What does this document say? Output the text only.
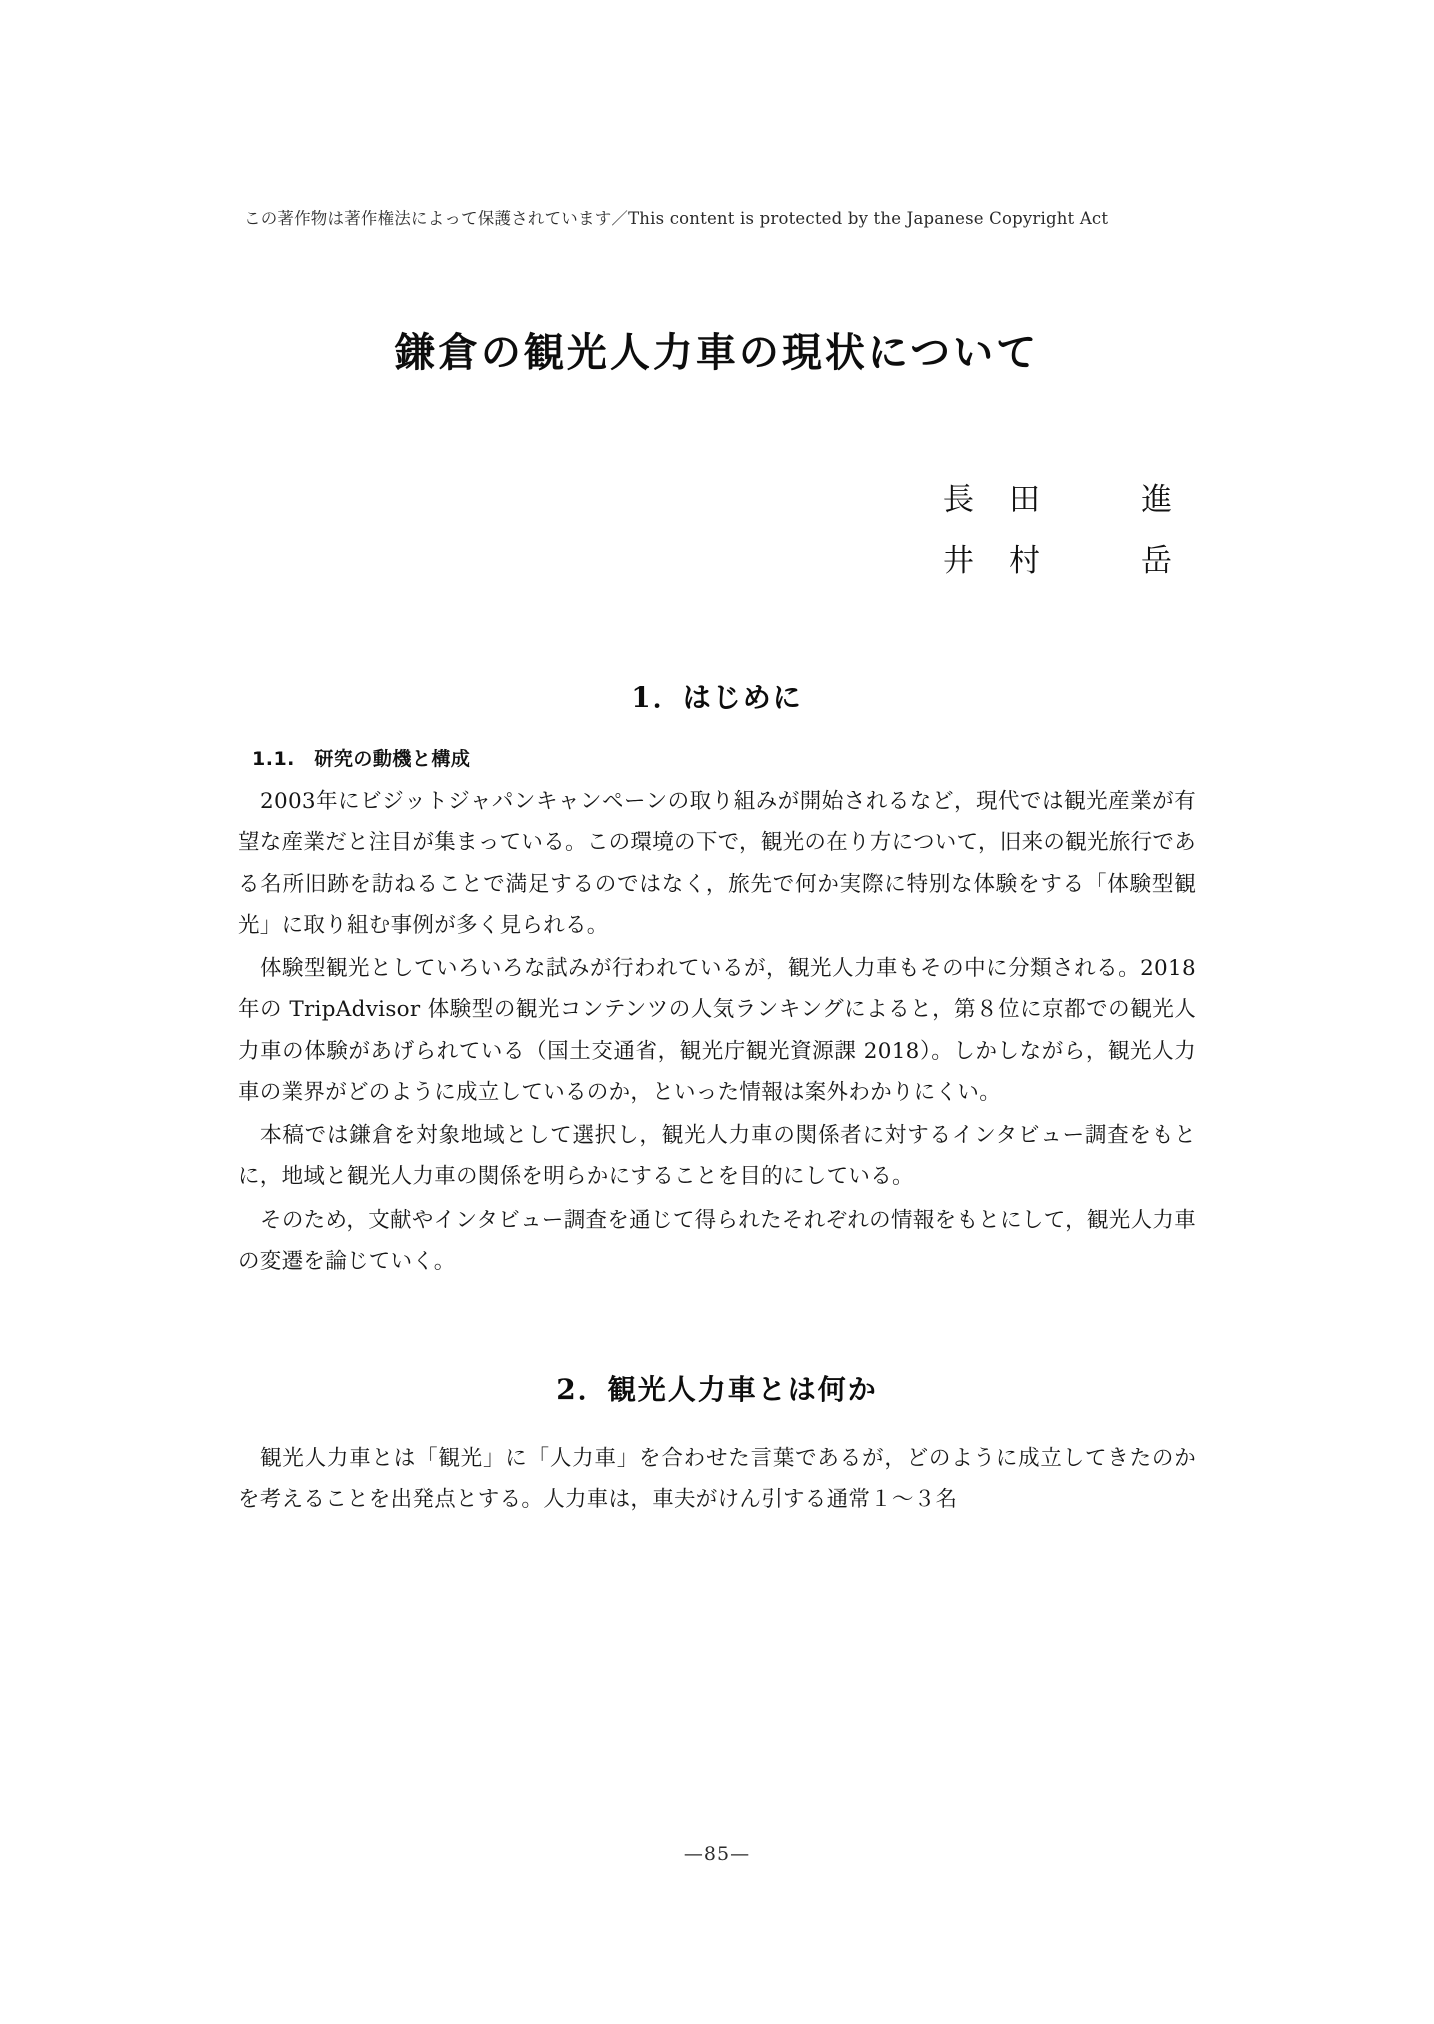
この著作物は著作権法によって保護されています／This content is protected by the Japanese Copyright Act
鎌倉の観光人力車の現状について
長　田　　　進
井　村　　　岳
1．はじめに
1.1.　研究の動機と構成

2003年にビジットジャパンキャンペーンの取り組みが開始されるなど，現代では観光産業が有望な産業だと注目が集まっている。この環境の下で，観光の在り方について，旧来の観光旅行である名所旧跡を訪ねることで満足するのではなく，旅先で何か実際に特別な体験をする「体験型観光」に取り組む事例が多く見られる。

体験型観光としていろいろな試みが行われているが，観光人力車もその中に分類される。2018年の TripAdvisor 体験型の観光コンテンツの人気ランキングによると，第８位に京都での観光人力車の体験があげられている（国土交通省，観光庁観光資源課 2018）。しかしながら，観光人力車の業界がどのように成立しているのか，といった情報は案外わかりにくい。

本稿では鎌倉を対象地域として選択し，観光人力車の関係者に対するインタビュー調査をもとに，地域と観光人力車の関係を明らかにすることを目的にしている。

そのため，文献やインタビュー調査を通じて得られたそれぞれの情報をもとにして，観光人力車の変遷を論じていく。

2．観光人力車とは何か

観光人力車とは「観光」に「人力車」を合わせた言葉であるが，どのように成立してきたのかを考えることを出発点とする。人力車は，車夫がけん引する通常１〜３名

—85—
